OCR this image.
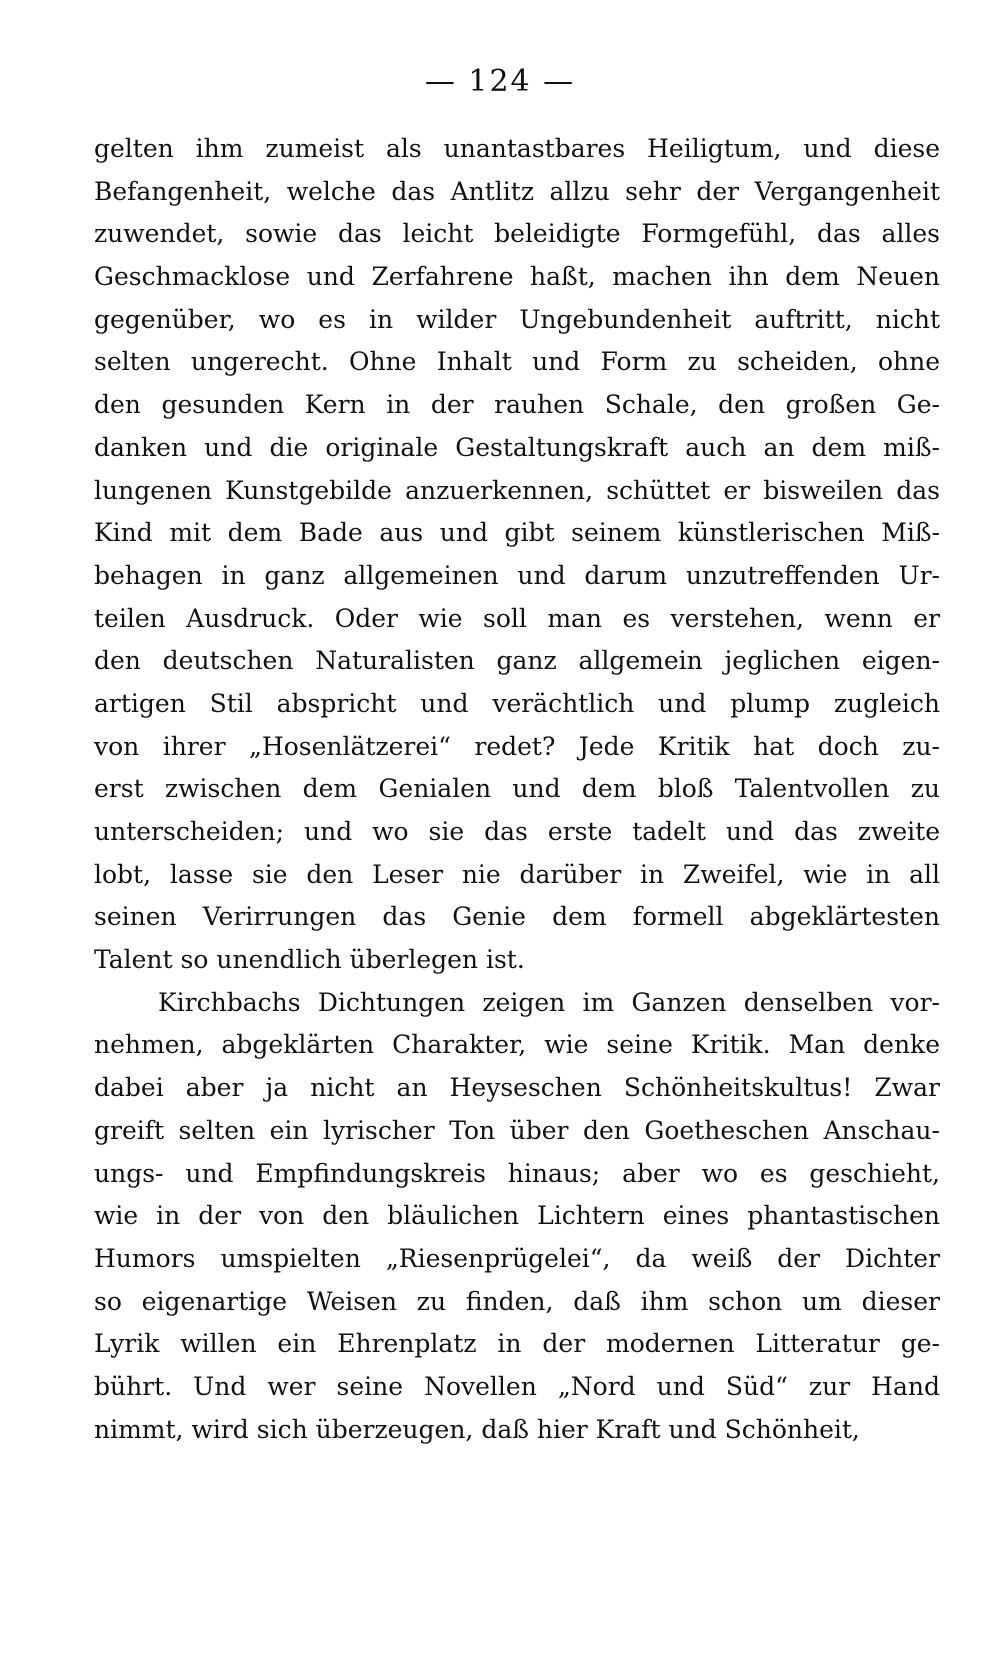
— 124 —
gelten ihm zumeist als unantastbares Heiligtum, und diese
Befangenheit, welche das Antlitz allzu sehr der Vergangenheit
zuwendet, sowie das leicht beleidigte Formgefühl, das alles
Geschmacklose und Zerfahrene haßt, machen ihn dem Neuen
gegenüber, wo es in wilder Ungebundenheit auftritt, nicht
selten ungerecht. Ohne Inhalt und Form zu scheiden, ohne
den gesunden Kern in der rauhen Schale, den großen Ge-
danken und die originale Gestaltungskraft auch an dem miß-
lungenen Kunstgebilde anzuerkennen, schüttet er bisweilen das
Kind mit dem Bade aus und gibt seinem künstlerischen Miß-
behagen in ganz allgemeinen und darum unzutreffenden Ur-
teilen Ausdruck. Oder wie soll man es verstehen, wenn er
den deutschen Naturalisten ganz allgemein jeglichen eigen-
artigen Stil abspricht und verächtlich und plump zugleich
von ihrer „Hosenlätzerei“ redet? Jede Kritik hat doch zu-
erst zwischen dem Genialen und dem bloß Talentvollen zu
unterscheiden; und wo sie das erste tadelt und das zweite
lobt, lasse sie den Leser nie darüber in Zweifel, wie in all
seinen Verirrungen das Genie dem formell abgeklärtesten
Talent so unendlich überlegen ist.
Kirchbachs Dichtungen zeigen im Ganzen denselben vor-
nehmen, abgeklärten Charakter, wie seine Kritik. Man denke
dabei aber ja nicht an Heyseschen Schönheitskultus! Zwar
greift selten ein lyrischer Ton über den Goetheschen Anschau-
ungs- und Empfindungskreis hinaus; aber wo es geschieht,
wie in der von den bläulichen Lichtern eines phantastischen
Humors umspielten „Riesenprügelei“, da weiß der Dichter
so eigenartige Weisen zu finden, daß ihm schon um dieser
Lyrik willen ein Ehrenplatz in der modernen Litteratur ge-
bührt. Und wer seine Novellen „Nord und Süd“ zur Hand
nimmt, wird sich überzeugen, daß hier Kraft und Schönheit,
